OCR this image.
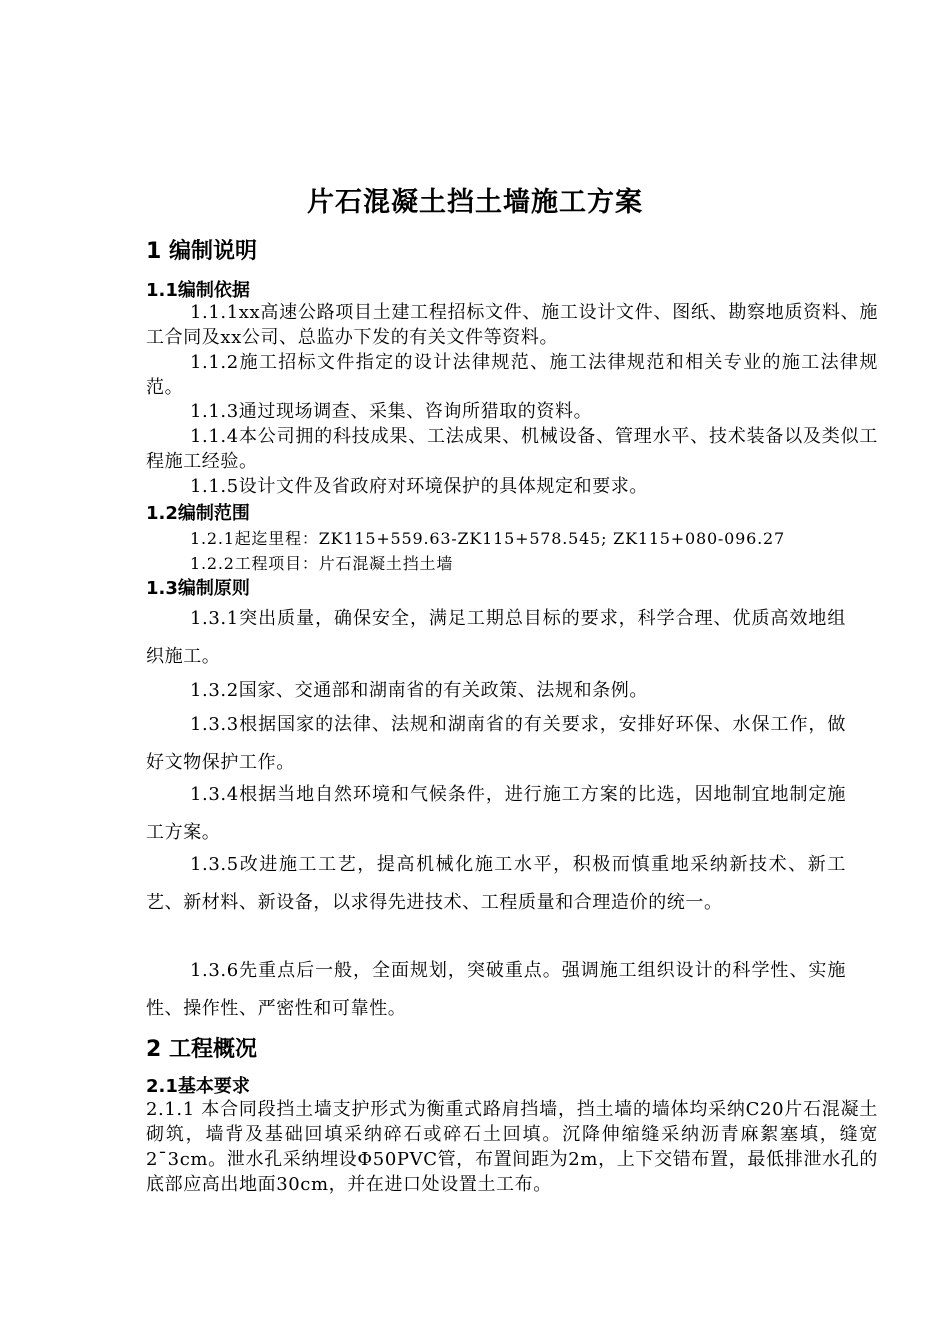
片石混凝土挡土墙施工方案
1 编制说明
1.1编制依据

1.1.1xx高速公路项目土建工程招标文件、施工设计文件、图纸、勘察地质资料、施工合同及xx公司、总监办下发的有关文件等资料。

1.1.2施工招标文件指定的设计法律规范、施工法律规范和相关专业的施工法律规范。

1.1.3通过现场调查、采集、咨询所猎取的资料。

1.1.4本公司拥的科技成果、工法成果、机械设备、管理水平、技术装备以及类似工程施工经验。

1.1.5设计文件及省政府对环境保护的具体规定和要求。

1.2编制范围
1.2.1起迄里程：ZK115+559.63-ZK115+578.545; ZK115+080-096.27
1.2.2工程项目：片石混凝土挡土墙
1.3编制原则

1.3.1突出质量，确保安全，满足工期总目标的要求，科学合理、优质高效地组织施工。

1.3.2国家、交通部和湖南省的有关政策、法规和条例。

1.3.3根据国家的法律、法规和湖南省的有关要求，安排好环保、水保工作，做好文物保护工作。

1.3.4根据当地自然环境和气候条件，进行施工方案的比选，因地制宜地制定施工方案。

1.3.5改进施工工艺，提高机械化施工水平，积极而慎重地采纳新技术、新工艺、新材料、新设备，以求得先进技术、工程质量和合理造价的统一。

1.3.6先重点后一般，全面规划，突破重点。强调施工组织设计的科学性、实施性、操作性、严密性和可靠性。

2 工程概况
2.1基本要求

2.1.1 本合同段挡土墙支护形式为衡重式路肩挡墙，挡土墙的墙体均采纳C20片石混凝土砌筑，墙背及基础回填采纳碎石或碎石土回填。沉降伸缩缝采纳沥青麻絮塞填，缝宽2¯3cm。泄水孔采纳埋设Φ50PVC管，布置间距为2m，上下交错布置，最低排泄水孔的底部应高出地面30cm，并在进口处设置土工布。
